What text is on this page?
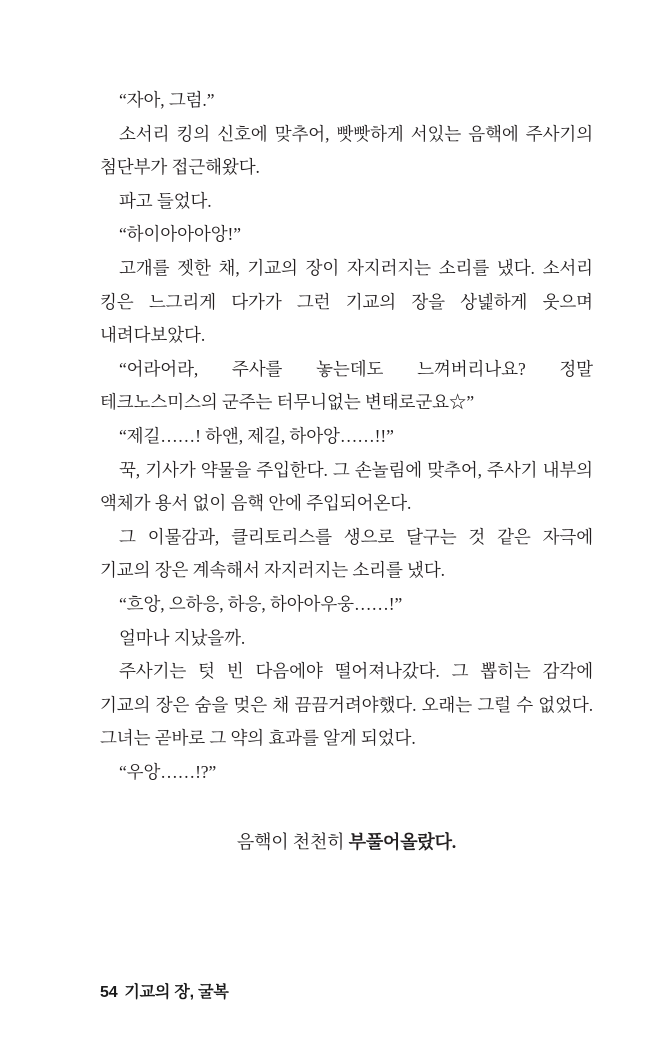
“자아, 그럼.”

소서리 킹의 신호에 맞추어, 빳빳하게 서있는 음핵에 주사기의 첨단부가 접근해왔다.

파고 들었다.

“하이아아아앙!”

고개를 젯한 채, 기교의 장이 자지러지는 소리를 냈다. 소서리 킹은 느그리게 다가가 그런 기교의 장을 상넱하게 웃으며 내려다보았다.

“어라어라, 주사를 놓는데도 느껴버리나요? 정말 테크노스미스의 군주는 터무니없는 변태로군요☆”

“제길……! 하앤, 제길, 하아앙……!!”

꾹, 기사가 약물을 주입한다. 그 손놀림에 맞추어, 주사기 내부의 액체가 용서 없이 음핵 안에 주입되어온다.

그 이물감과, 클리토리스를 생으로 달구는 것 같은 자극에 기교의 장은 계속해서 자지러지는 소리를 냈다.

“흐앙, 으하응, 하응, 하아아우웅……!”

얼마나 지났을까.

주사기는 텃 빈 다음에야 떨어져나갔다. 그 뽑히는 감각에 기교의 장은 숨을 멎은 채 끔끔거려야했다. 오래는 그럴 수 없었다. 그녀는 곧바로 그 약의 효과를 알게 되었다.

“우앙……!?”

음핵이 천천히 부풀어올랐다.

54 기교의 장, 굴복
